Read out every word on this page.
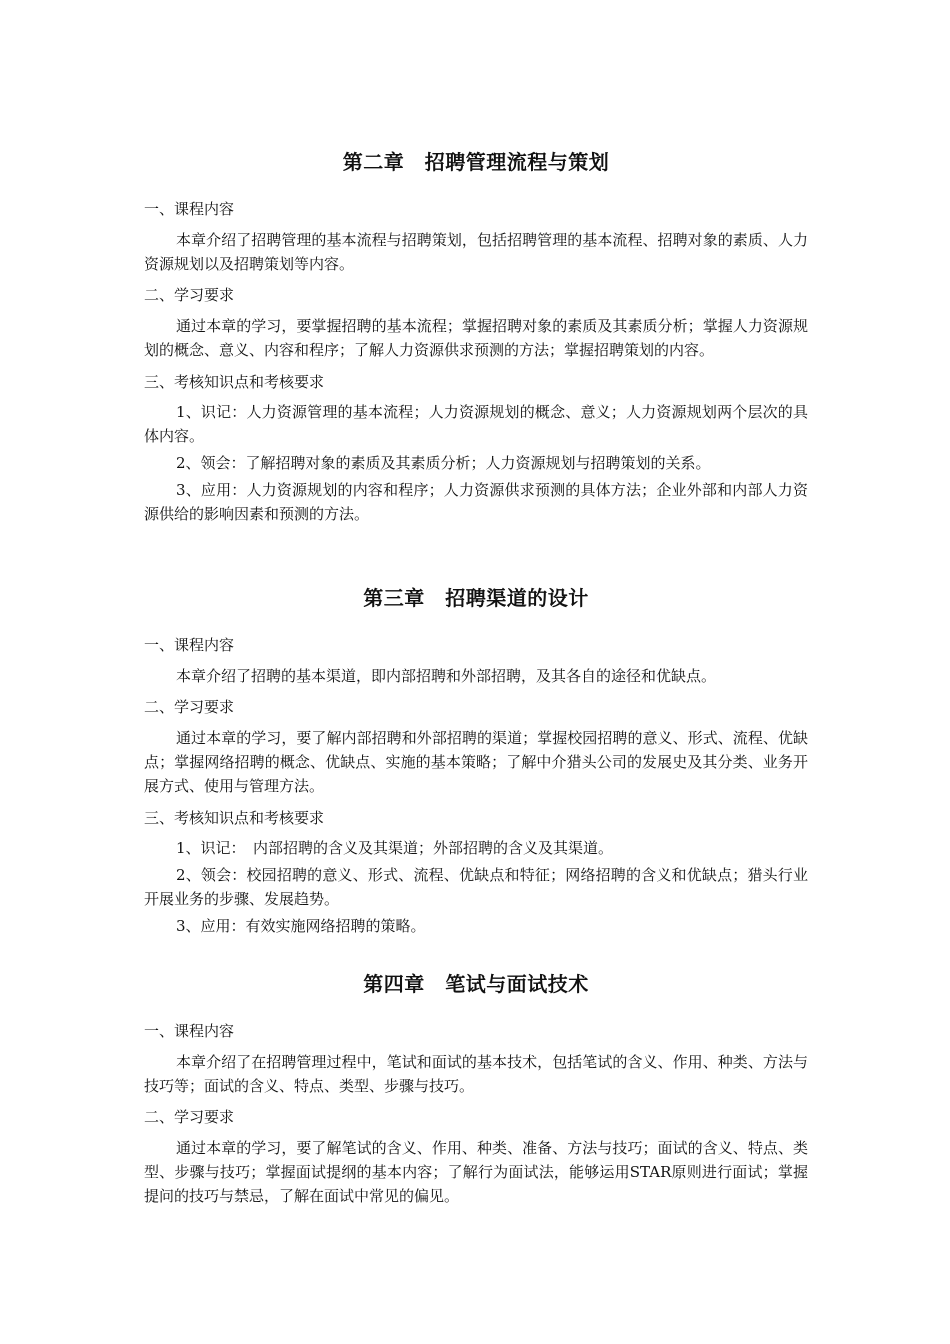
第二章　招聘管理流程与策划

一、课程内容

本章介绍了招聘管理的基本流程与招聘策划，包括招聘管理的基本流程、招聘对象的素质、人力资源规划以及招聘策划等内容。

二、学习要求

通过本章的学习，要掌握招聘的基本流程；掌握招聘对象的素质及其素质分析；掌握人力资源规划的概念、意义、内容和程序；了解人力资源供求预测的方法；掌握招聘策划的内容。

三、考核知识点和考核要求

1、识记：人力资源管理的基本流程；人力资源规划的概念、意义；人力资源规划两个层次的具体内容。

2、领会：了解招聘对象的素质及其素质分析；人力资源规划与招聘策划的关系。

3、应用：人力资源规划的内容和程序；人力资源供求预测的具体方法；企业外部和内部人力资源供给的影响因素和预测的方法。

第三章　招聘渠道的设计

一、课程内容

本章介绍了招聘的基本渠道，即内部招聘和外部招聘，及其各自的途径和优缺点。

二、学习要求

通过本章的学习，要了解内部招聘和外部招聘的渠道；掌握校园招聘的意义、形式、流程、优缺点；掌握网络招聘的概念、优缺点、实施的基本策略；了解中介猎头公司的发展史及其分类、业务开展方式、使用与管理方法。

三、考核知识点和考核要求

1、识记：　内部招聘的含义及其渠道；外部招聘的含义及其渠道。

2、领会：校园招聘的意义、形式、流程、优缺点和特征；网络招聘的含义和优缺点；猎头行业开展业务的步骤、发展趋势。

3、应用：有效实施网络招聘的策略。

第四章　笔试与面试技术

一、课程内容

本章介绍了在招聘管理过程中，笔试和面试的基本技术，包括笔试的含义、作用、种类、方法与技巧等；面试的含义、特点、类型、步骤与技巧。

二、学习要求

通过本章的学习，要了解笔试的含义、作用、种类、准备、方法与技巧；面试的含义、特点、类型、步骤与技巧；掌握面试提纲的基本内容；了解行为面试法，能够运用STAR原则进行面试；掌握提问的技巧与禁忌，了解在面试中常见的偏见。
